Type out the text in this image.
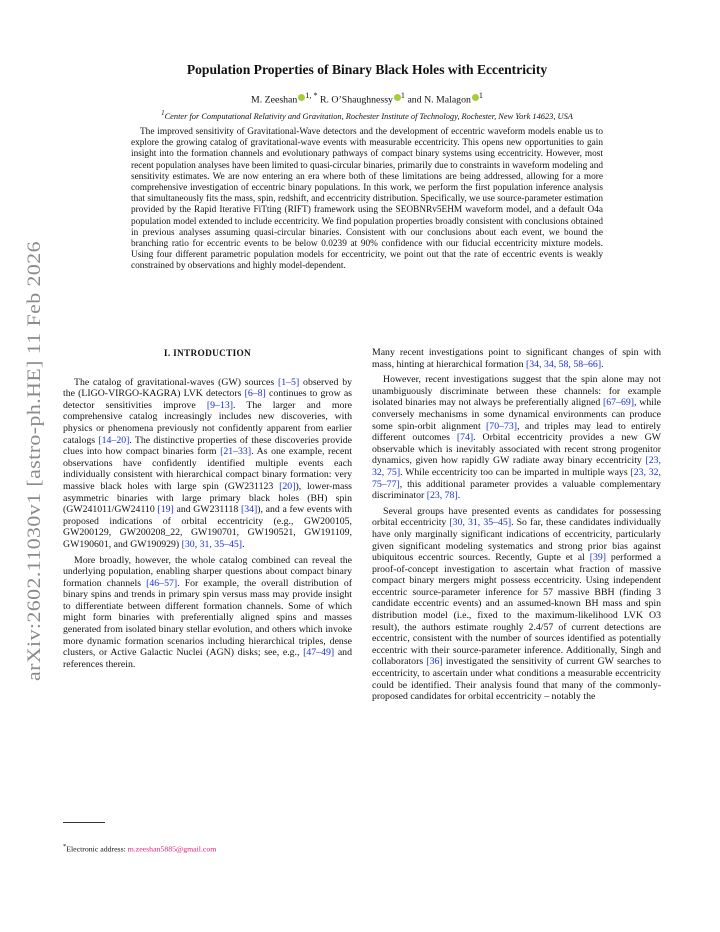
arXiv:2602.11030v1 [astro-ph.HE] 11 Feb 2026
Population Properties of Binary Black Holes with Eccentricity
M. Zeeshan $^{1, *}$ R. O’Shaughnessy $^1$ and N. Malagon $^1$
$^1$Center for Computational Relativity and Gravitation, Rochester Institute of Technology, Rochester, New York 14623, USA
The improved sensitivity of Gravitational-Wave detectors and the development of eccentric waveform models enable us to explore the growing catalog of gravitational-wave events with measurable eccentricity. This opens new opportunities to gain insight into the formation channels and evolutionary pathways of compact binary systems using eccentricity. However, most recent population analyses have been limited to quasi-circular binaries, primarily due to constraints in waveform modeling and sensitivity estimates. We are now entering an era where both of these limitations are being addressed, allowing for a more comprehensive investigation of eccentric binary populations. In this work, we perform the first population inference analysis that simultaneously fits the mass, spin, redshift, and eccentricity distribution. Specifically, we use source-parameter estimation provided by the Rapid Iterative FiTting (RIFT) framework using the SEOBNRv5EHM waveform model, and a default O4a population model extended to include eccentricity. We find population properties broadly consistent with conclusions obtained in previous analyses assuming quasi-circular binaries. Consistent with our conclusions about each event, we bound the branching ratio for eccentric events to be below 0.0239 at 90% confidence with our fiducial eccentricity mixture models. Using four different parametric population models for eccentricity, we point out that the rate of eccentric events is weakly constrained by observations and highly model-dependent.
I. INTRODUCTION

The catalog of gravitational-waves (GW) sources [1–5] observed by the (LIGO-VIRGO-KAGRA) LVK detectors [6–8] continues to grow as detector sensitivities improve [9–13]. The larger and more comprehensive catalog increasingly includes new discoveries, with physics or phenomena previously not confidently apparent from earlier catalogs [14–20]. The distinctive properties of these discoveries provide clues into how compact binaries form [21–33]. As one example, recent observations have confidently identified multiple events each individually consistent with hierarchical compact binary formation: very massive black holes with large spin (GW231123 [20]), lower-mass asymmetric binaries with large primary black holes (BH) spin (GW241011/GW24110 [19] and GW231118 [34]), and a few events with proposed indications of orbital eccentricity (e.g., GW200105, GW200129, GW200208_22, GW190701, GW190521, GW191109, GW190601, and GW190929) [30, 31, 35–45].

More broadly, however, the whole catalog combined can reveal the underlying population, enabling sharper questions about compact binary formation channels [46–57]. For example, the overall distribution of binary spins and trends in primary spin versus mass may provide insight to differentiate between different formation channels. Some of which might form binaries with preferentially aligned spins and masses generated from isolated binary stellar evolution, and others which invoke more dynamic formation scenarios including hierarchical triples, dense clusters, or Active Galactic Nuclei (AGN) disks; see, e.g., [47–49] and references therein.

Many recent investigations point to significant changes of spin with mass, hinting at hierarchical formation [34, 34, 58, 58–66].

However, recent investigations suggest that the spin alone may not unambiguously discriminate between these channels: for example isolated binaries may not always be preferentially aligned [67–69], while conversely mechanisms in some dynamical environments can produce some spin-orbit alignment [70–73], and triples may lead to entirely different outcomes [74]. Orbital eccentricity provides a new GW observable which is inevitably associated with recent strong progenitor dynamics, given how rapidly GW radiate away binary eccentricity [23, 32, 75]. While eccentricity too can be imparted in multiple ways [23, 32, 75–77], this additional parameter provides a valuable complementary discriminator [23, 78].

Several groups have presented events as candidates for possessing orbital eccentricity [30, 31, 35–45]. So far, these candidates individually have only marginally significant indications of eccentricity, particularly given significant modeling systematics and strong prior bias against ubiquitous eccentric sources. Recently, Gupte et al [39] performed a proof-of-concept investigation to ascertain what fraction of massive compact binary mergers might possess eccentricity. Using independent eccentric source-parameter inference for 57 massive BBH (finding 3 candidate eccentric events) and an assumed-known BH mass and spin distribution model (i.e., fixed to the maximum-likelihood LVK O3 result), the authors estimate roughly 2.4/57 of current detections are eccentric, consistent with the number of sources identified as potentially eccentric with their source-parameter inference. Additionally, Singh and collaborators [36] investigated the sensitivity of current GW searches to eccentricity, to ascertain under what conditions a measurable eccentricity could be identified. Their analysis found that many of the commonly-proposed candidates for orbital eccentricity – notably the

*Electronic address: m.zeeshan5885@gmail.com
